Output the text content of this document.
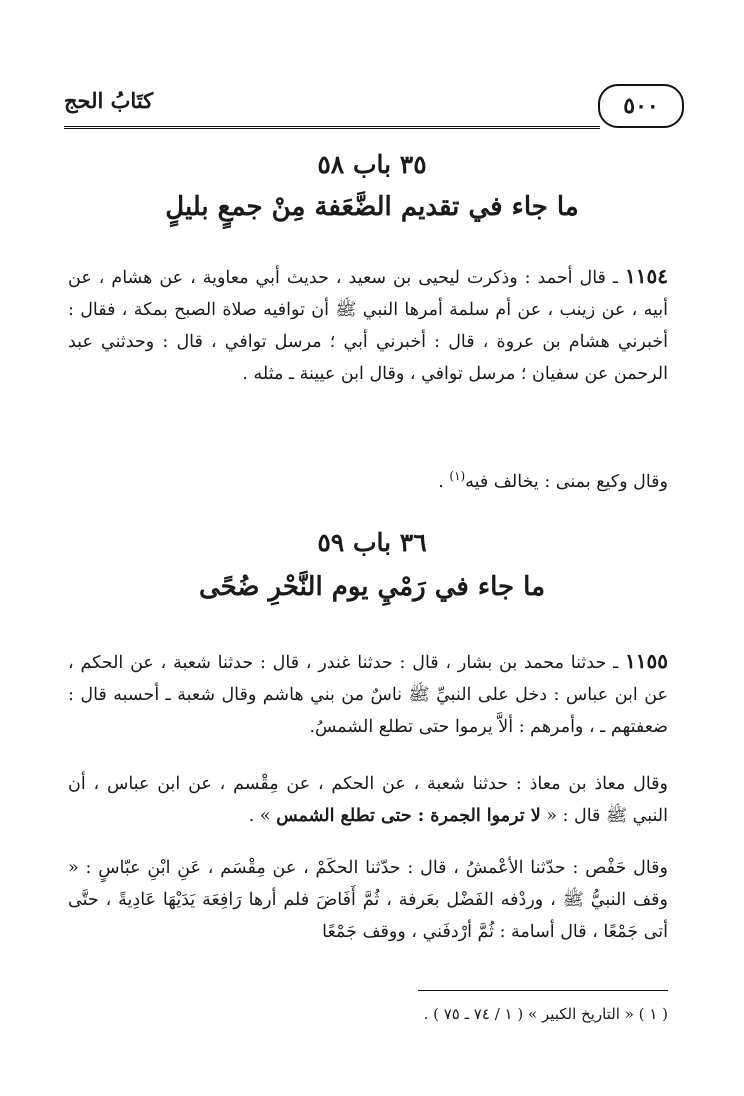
كتَابُ الحج	٥٠٠
٣٥ باب ٥٨
ما جاء في تقديم الضَّعَفة مِنْ جمعٍ بليلٍ
١١٥٤ ـ قال أحمد : وذكرت ليحيى بن سعيد ، حديث أبي معاوية ، عن هشام ، عن أبيه ، عن زينب ، عن أم سلمة أمرها النبي ﷺ أن توافيه صلاة الصبح بمكة ، فقال : أخبرني هشام بن عروة ، قال : أخبرني أبي ؛ مرسل توافي ، قال : وحدثني عبد الرحمن عن سفيان ؛ مرسل توافي ، وقال ابن عيينة ـ مثله .
وقال وكيع بمنى : يخالف فيه$^{(١)}$ .
٣٦ باب ٥٩
ما جاء في رَمْيِ يوم النَّحْرِ ضُحًى
١١٥٥ ـ حدثنا محمد بن بشار ، قال : حدثنا غندر ، قال : حدثنا شعبة ، عن الحكم ، عن ابن عباس : دخل على النبيِّ ﷺ ناسٌ من بني هاشم وقال شعبة ـ أحسبه قال : ضعفتهم ـ ، وأمرهم : ألاَّ يرموا حتى تطلع الشمسُ.
وقال معاذ بن معاذ : حدثنا شعبة ، عن الحكم ، عن مِقْسم ، عن ابن عباس ، أن النبي ﷺ قال : « لا ترموا الجمرة : حتى تطلع الشمس » .
وقال حَفْص : حدّثنا الأعْمشُ ، قال : حدّثنا الحكَمْ ، عن مِقْسَم ، عَنِ ابْنِ عبّاسٍ : « وقف النبيُّ ﷺ ، وردْفه الفَضْل بعَرفة ، ثُمَّ أَفَاضَ فلم أرها رَافِعَة يَدَيْهَا عَادِيةً ، حتَّى أتى جَمْعًا ، قال أسامة : ثُمَّ أرْدفَني ، ووقف جَمْعًا
( ١ ) « التاريخ الكبير » ( ١ / ٧٤ ـ ٧٥ ) .
